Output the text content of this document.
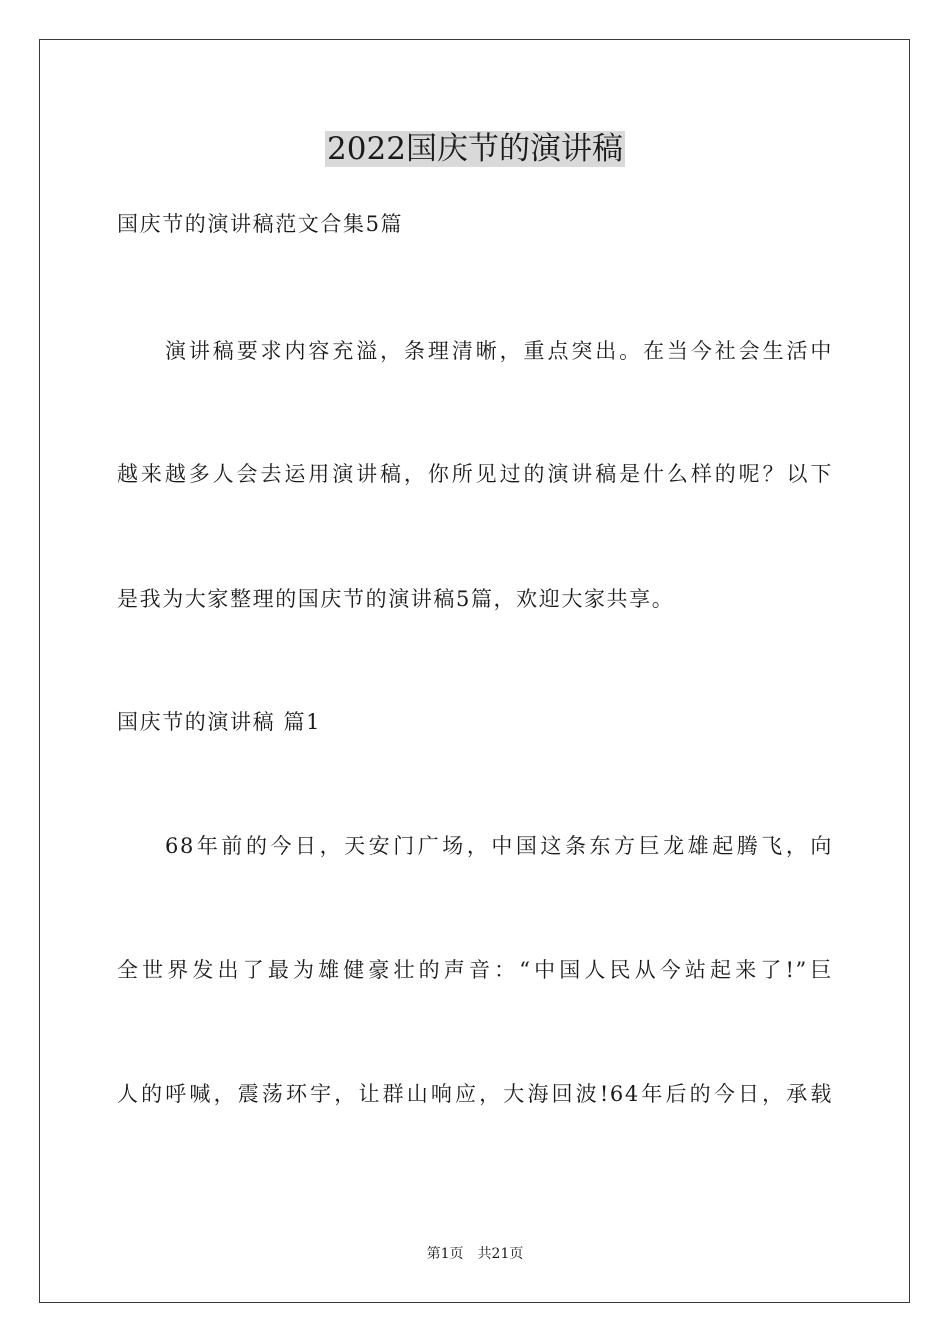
2022国庆节的演讲稿
国庆节的演讲稿范文合集5篇
演讲稿要求内容充溢，条理清晰，重点突出。在当今社会生活中
越来越多人会去运用演讲稿，你所见过的演讲稿是什么样的呢？以下
是我为大家整理的国庆节的演讲稿5篇，欢迎大家共享。
国庆节的演讲稿 篇1
68年前的今日，天安门广场，中国这条东方巨龙雄起腾飞，向
全世界发出了最为雄健豪壮的声音：“中国人民从今站起来了!”巨
人的呼喊，震荡环宇，让群山响应，大海回波!64年后的今日，承载
第1页 共21页
